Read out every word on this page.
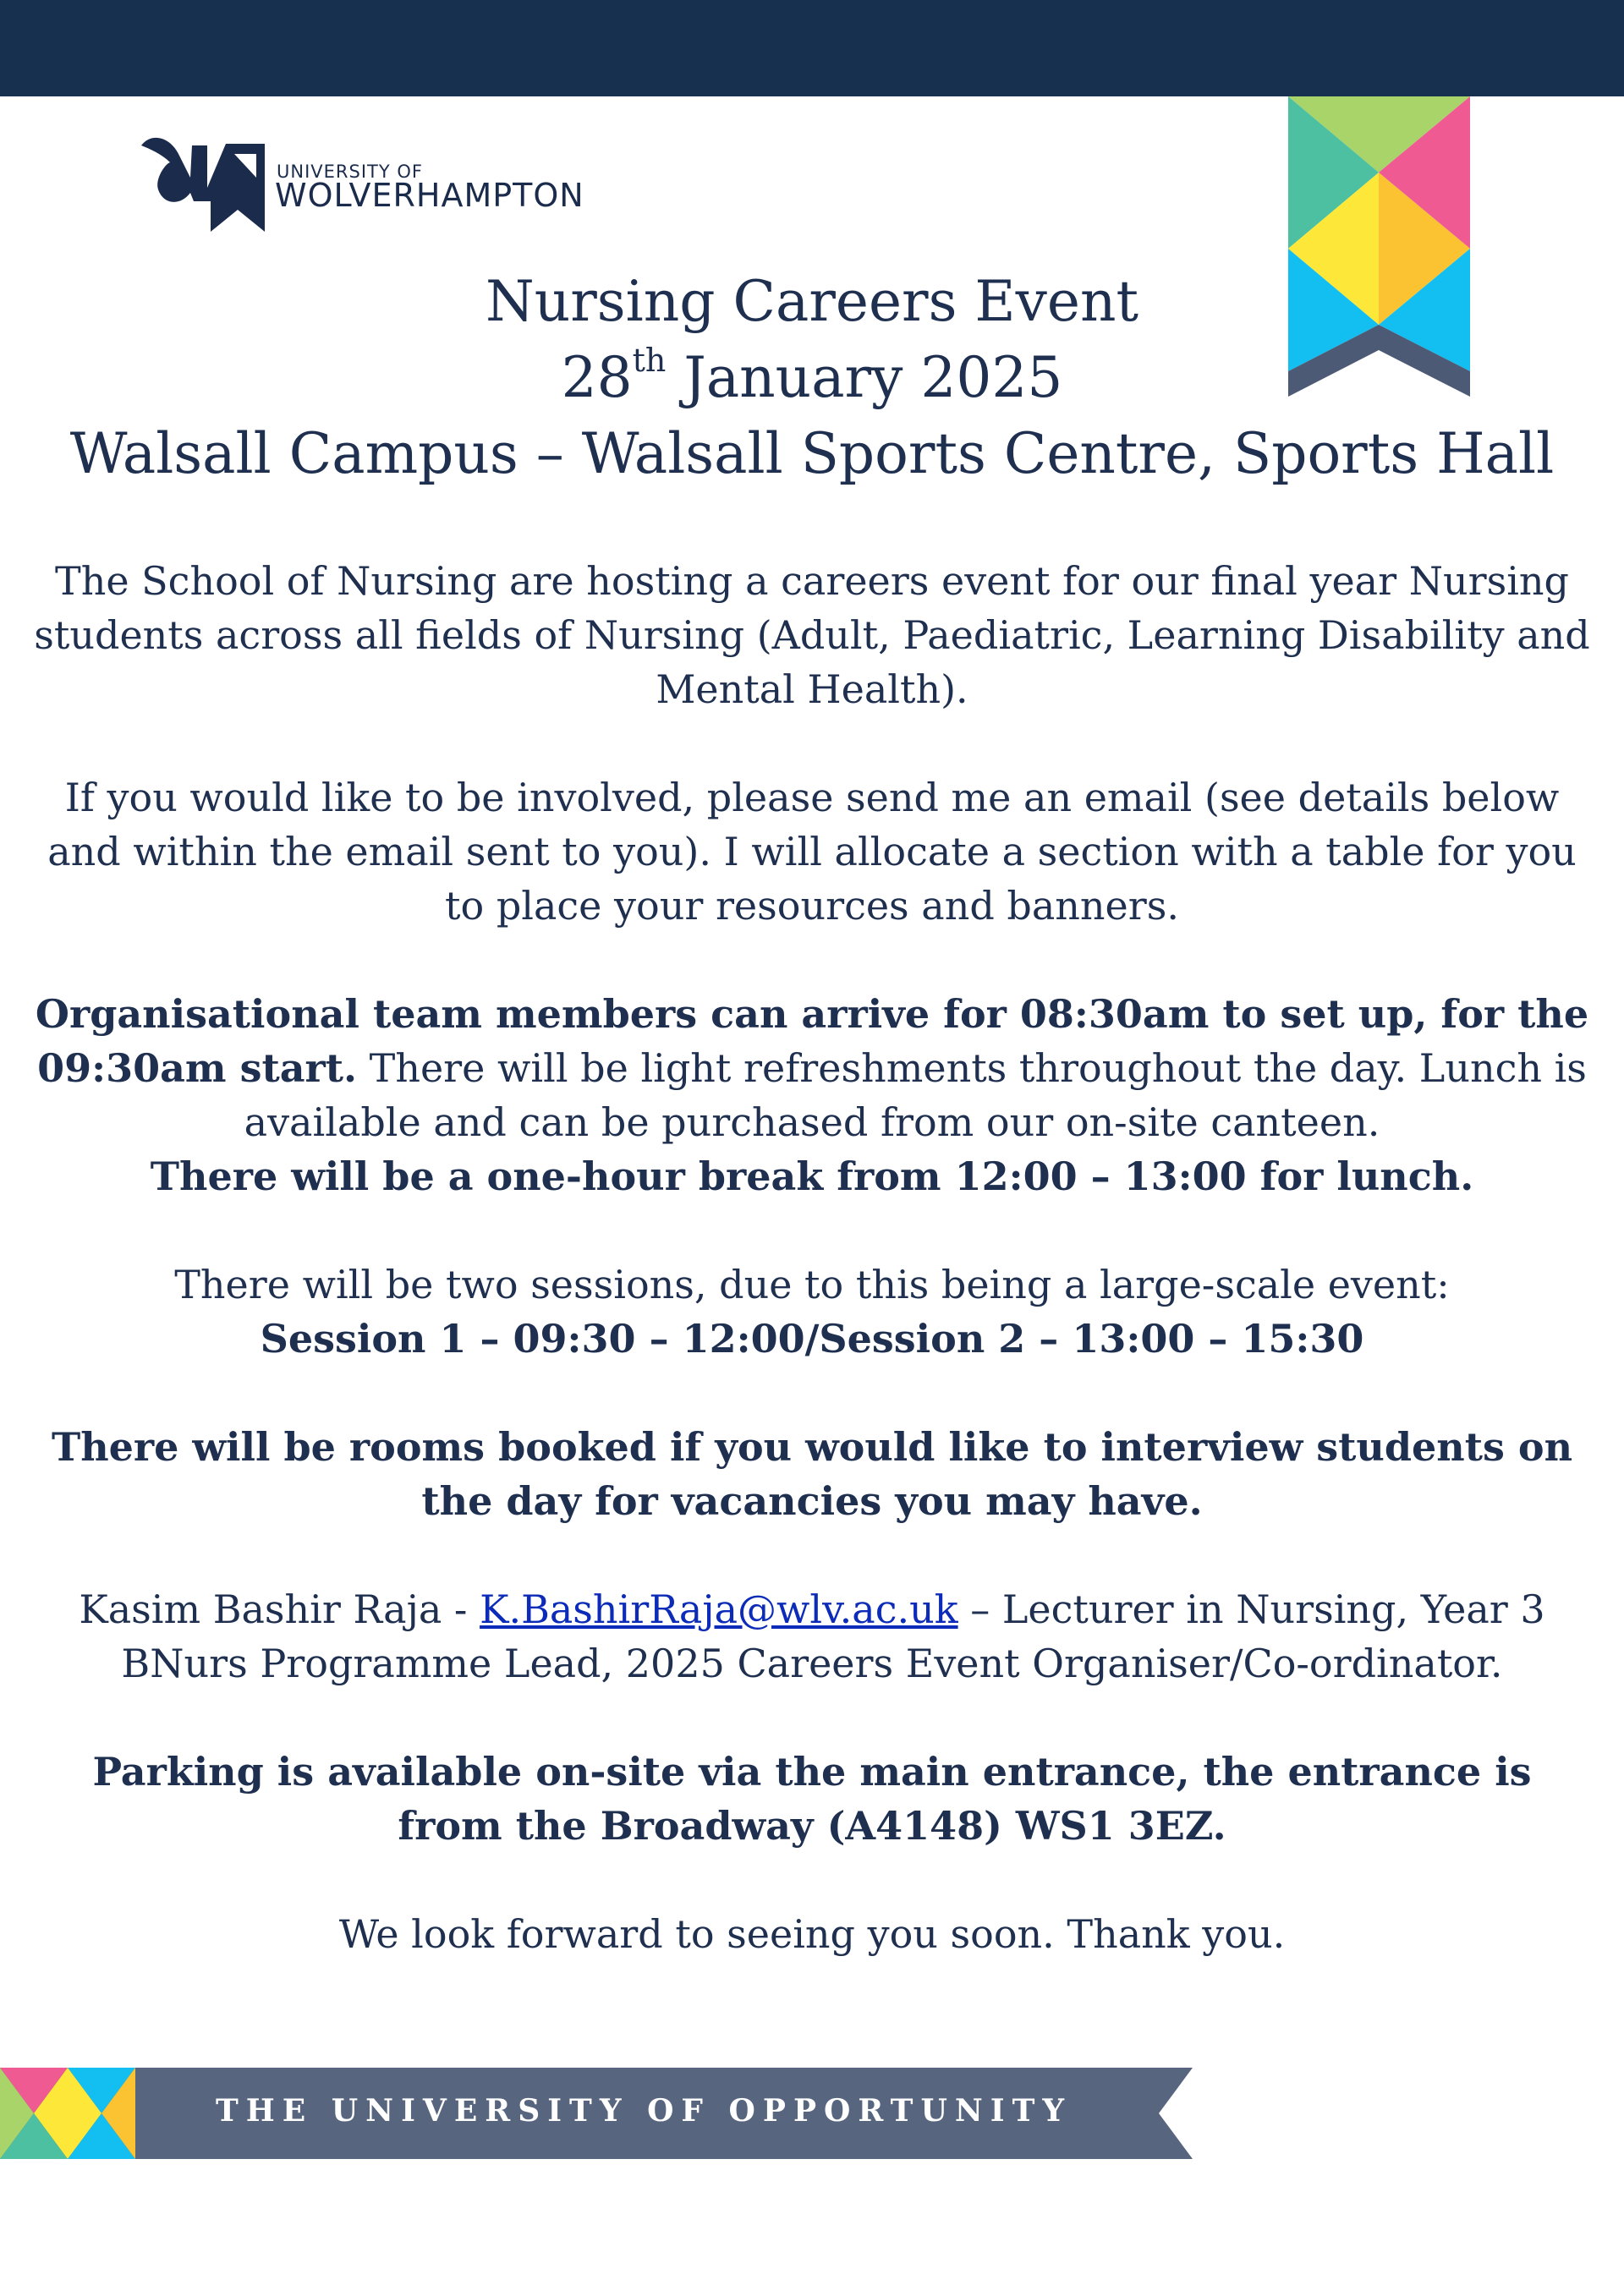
UNIVERSITY OF
WOLVERHAMPTON
Nursing Careers Event
28th January 2025
Walsall Campus – Walsall Sports Centre, Sports Hall

The School of Nursing are hosting a careers event for our final year Nursing students across all fields of Nursing (Adult, Paediatric, Learning Disability and Mental Health).

If you would like to be involved, please send me an email (see details below and within the email sent to you). I will allocate a section with a table for you to place your resources and banners.

Organisational team members can arrive for 08:30am to set up, for the 09:30am start. There will be light refreshments throughout the day. Lunch is available and can be purchased from our on-site canteen.
There will be a one-hour break from 12:00 – 13:00 for lunch.

There will be two sessions, due to this being a large-scale event:
Session 1 – 09:30 – 12:00/Session 2 – 13:00 – 15:30

There will be rooms booked if you would like to interview students on the day for vacancies you may have.

Kasim Bashir Raja - K.BashirRaja@wlv.ac.uk – Lecturer in Nursing, Year 3 BNurs Programme Lead, 2025 Careers Event Organiser/Co-ordinator.

Parking is available on-site via the main entrance, the entrance is from the Broadway (A4148) WS1 3EZ.

We look forward to seeing you soon. Thank you.

THE UNIVERSITY OF OPPORTUNITY
